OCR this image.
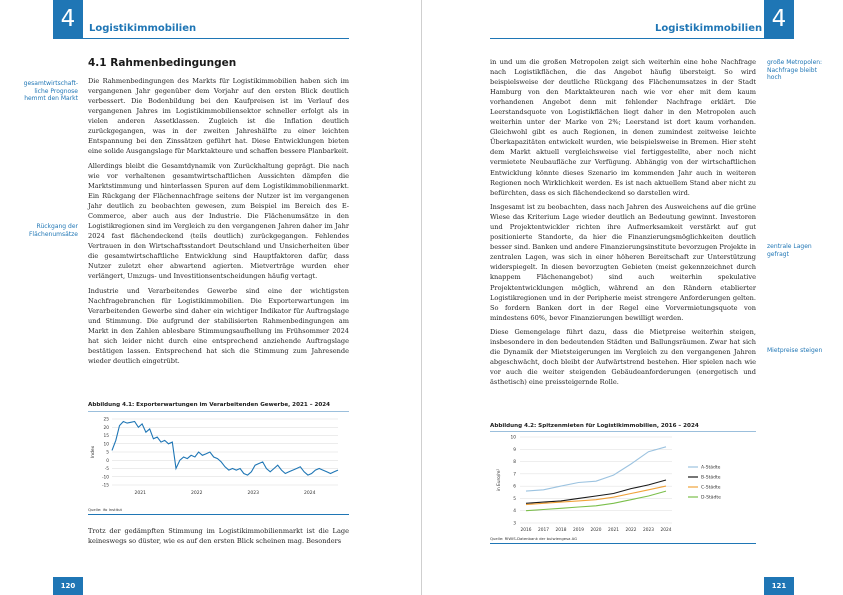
4	Logistikimmobilien
4.1 Rahmenbedingungen
gesamtwirtschaft-
liche Prognose
hemmt den Markt
Rückgang der
Flächenumsätze

Die Rahmenbedingungen des Markts für Logistikimmobilien haben sich im vergangenen Jahr gegenüber dem Vorjahr auf den ersten Blick deutlich verbessert. Die Bodenbildung bei den Kaufpreisen ist im Verlauf des vergangenen Jahres im Logistikimmobiliensektor schneller erfolgt als in vielen anderen Assetklassen. Zugleich ist die Inflation deutlich zurückgegangen, was in der zweiten Jahreshälfte zu einer leichten Entspannung bei den Zinssätzen geführt hat. Diese Entwicklungen bieten eine solide Ausgangslage für Marktakteure und schaffen bessere Planbarkeit.

Allerdings bleibt die Gesamtdynamik von Zurückhaltung geprägt. Die nach wie vor verhaltenen gesamtwirtschaftlichen Aussichten dämpfen die Marktstimmung und hinterlassen Spuren auf dem Logistikimmobilienmarkt. Ein Rückgang der Flächennachfrage seitens der Nutzer ist im vergangenen Jahr deutlich zu beobachten gewesen, zum Beispiel im Bereich des E-Commerce, aber auch aus der Industrie. Die Flächenumsätze in den Logistikregionen sind im Vergleich zu den vergangenen Jahren daher im Jahr 2024 fast flächendeckend (teils deutlich) zurückgegangen. Fehlendes Vertrauen in den Wirtschaftsstandort Deutschland und Unsicherheiten über die gesamtwirtschaftliche Entwicklung sind Hauptfaktoren dafür, dass Nutzer zuletzt eher abwartend agierten. Mietverträge wurden eher verlängert, Umzugs- und Investitionsentscheidungen häufig vertagt.

Industrie und Verarbeitendes Gewerbe sind eine der wichtigsten Nachfragebranchen für Logistikimmobilien. Die Exporterwartungen im Verarbeitenden Gewerbe sind daher ein wichtiger Indikator für Auftragslage und Stimmung. Die aufgrund der stabilisierten Rahmenbedingungen am Markt in den Zahlen ablesbare Stimmungsaufhellung im Frühsommer 2024 hat sich leider nicht durch eine entsprechend anziehende Auftragslage bestätigen lassen. Entsprechend hat sich die Stimmung zum Jahresende wieder deutlich eingetrübt.

Abbildung 4.1: Exporterwartungen im Verarbeitenden Gewerbe, 2021 – 2024
-15
-10
-5
0
5
10
15
20
25
Index
2021	2022	2023	2024
Quelle: ifo Institut

Trotz der gedämpften Stimmung im Logistikimmobilienmarkt ist die Lage keineswegs so düster, wie es auf den ersten Blick scheinen mag. Besonders

120
Logistikimmobilien 4
große Metropolen:
Nachfrage bleibt
hoch
zentrale Lagen
gefragt
Mietpreise steigen

in und um die großen Metropolen zeigt sich weiterhin eine hohe Nachfrage nach Logistikflächen, die das Angebot häufig übersteigt. So wird beispielsweise der deutliche Rückgang des Flächenumsatzes in der Stadt Hamburg von den Marktakteuren nach wie vor eher mit dem kaum vorhandenen Angebot denn mit fehlender Nachfrage erklärt. Die Leerstandsquote von Logistikflächen liegt daher in den Metropolen auch weiterhin unter der Marke von 2%; Leerstand ist dort kaum vorhanden. Gleichwohl gibt es auch Regionen, in denen zumindest zeitweise leichte Überkapazitäten entwickelt wurden, wie beispielsweise in Bremen. Hier steht dem Markt aktuell vergleichsweise viel fertiggestellte, aber noch nicht vermietete Neubaufläche zur Verfügung. Abhängig von der wirtschaftlichen Entwicklung könnte dieses Szenario im kommenden Jahr auch in weiteren Regionen noch Wirklichkeit werden. Es ist nach aktuellem Stand aber nicht zu befürchten, dass es sich flächendeckend so darstellen wird.

Insgesamt ist zu beobachten, dass nach Jahren des Ausweichens auf die grüne Wiese das Kriterium Lage wieder deutlich an Bedeutung gewinnt. Investoren und Projektentwickler richten ihre Aufmerksamkeit verstärkt auf gut positionierte Standorte, da hier die Finanzierungsmöglichkeiten deutlich besser sind. Banken und andere Finanzierungsinstitute bevorzugen Projekte in zentralen Lagen, was sich in einer höheren Bereitschaft zur Unterstützung widerspiegelt. In diesen bevorzugten Gebieten (meist gekennzeichnet durch knappem Flächenangebot) sind auch weiterhin spekulative Projektentwicklungen möglich, während an den Rändern etablierter Logistikregionen und in der Peripherie meist strengere Anforderungen gelten. So fordern Banken dort in der Regel eine Vorvermietungsquote von mindestens 60%, bevor Finanzierungen bewilligt werden.

Diese Gemengelage führt dazu, dass die Mietpreise weiterhin steigen, insbesondere in den bedeutenden Städten und Ballungsräumen. Zwar hat sich die Dynamik der Mietsteigerungen im Vergleich zu den vergangenen Jahren abgeschwächt, doch bleibt der Aufwärtstrend bestehen. Hier spielen nach wie vor auch die weiter steigenden Gebäudeanforderungen (energetisch und ästhetisch) eine preissteigernde Rolle.

Abbildung 4.2: Spitzenmieten für Logistikimmobilien, 2016 – 2024
3
4
5
6
7
8
9
10
in Euro/m²
2016 2017 2018 2019 2020 2021 2022 2023 2024
A-Städte
B-Städte
C-Städte
D-Städte
Quelle: RIWIS-Datenbank der bulwiengesa AG
121
